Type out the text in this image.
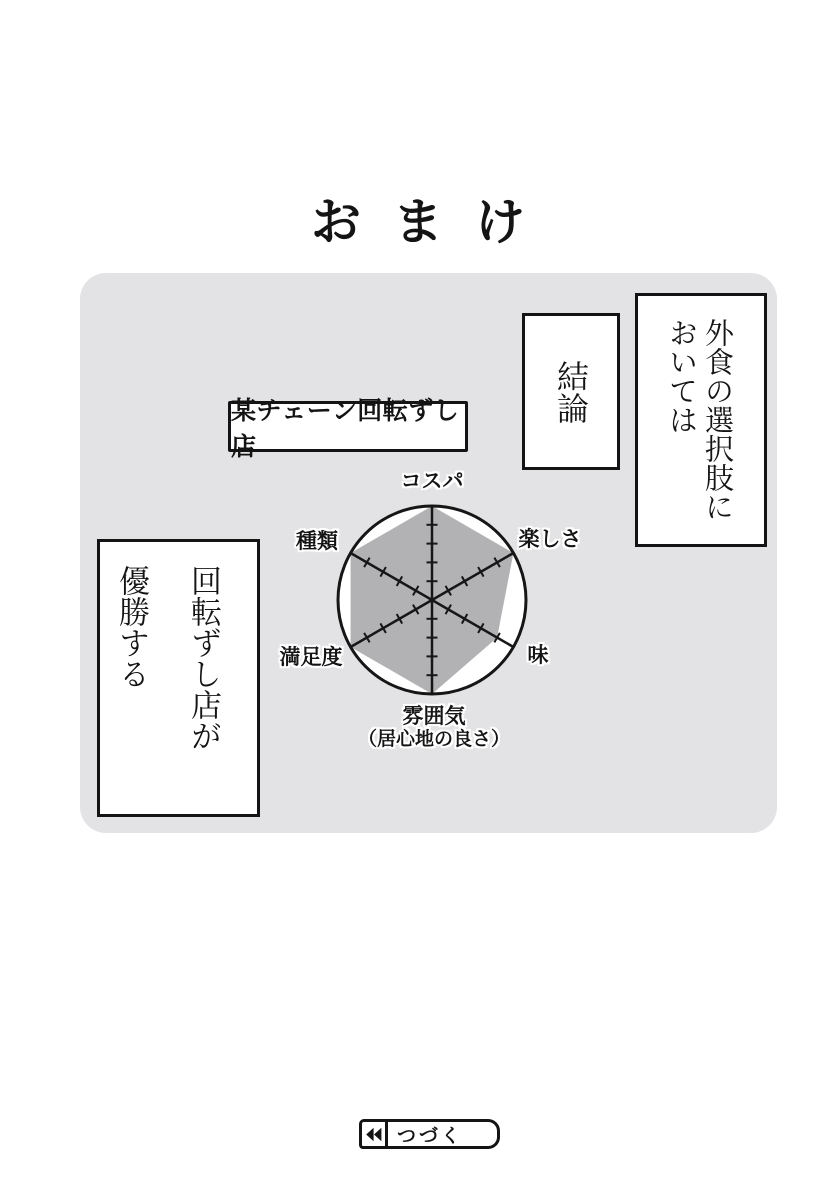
おまけ
外食の選択肢に
おいては
結論
某チェーン回転ずし店
コスパ
楽しさ
味
雰囲気
（居心地の良さ）
満足度
種類
回転ずし店が
優勝する
つづく
